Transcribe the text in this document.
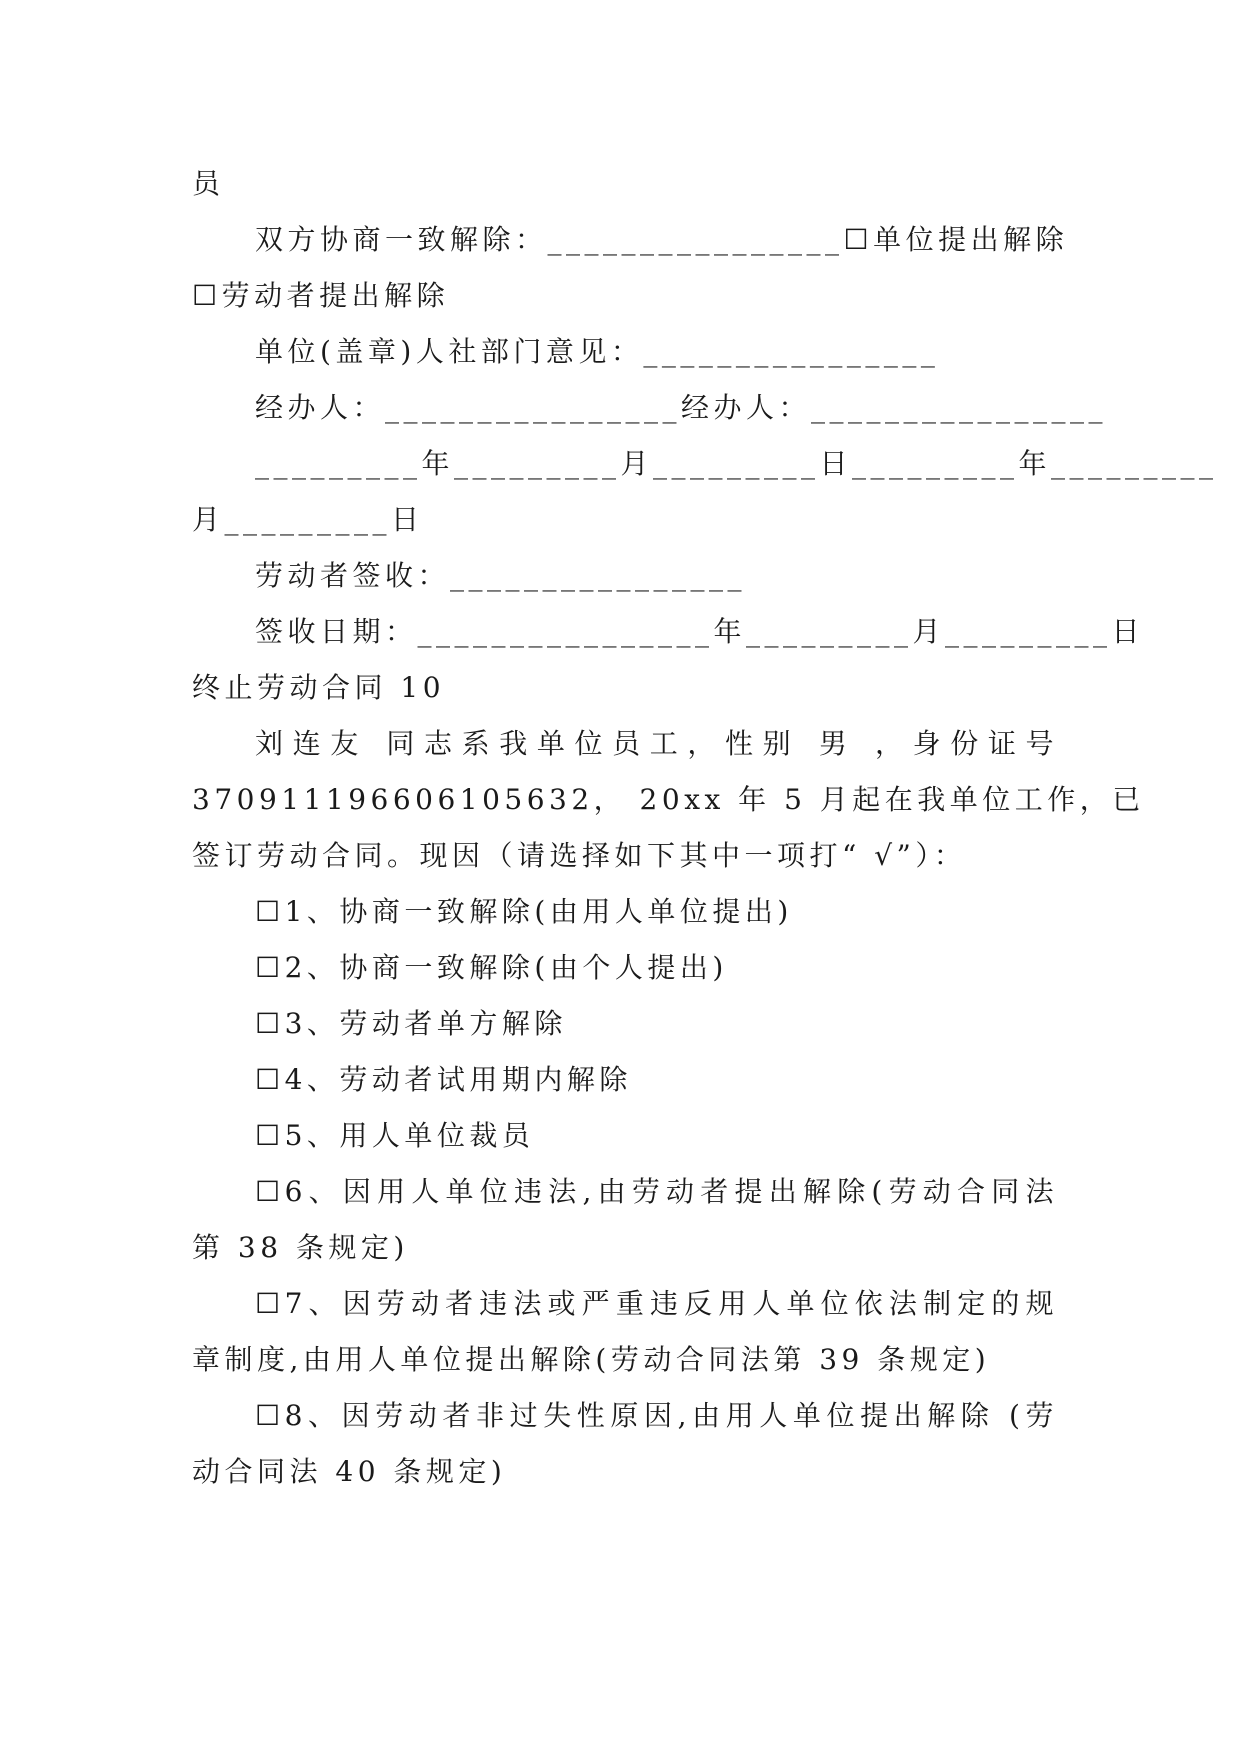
员
双方协商一致解除：________________☐单位提出解除
☐劳动者提出解除
单位(盖章)人社部门意见：________________
经办人：________________经办人：________________
_________年_________月_________日_________年_________
月_________日
劳动者签收：________________
签收日期：________________年_________月_________日
终止劳动合同 10
刘连友 同志系我单位员工，性别 男 ，身份证号
370911196606105632， 20xx 年 5 月起在我单位工作，已
签订劳动合同。现因（请选择如下其中一项打“ √”）：
☐1、协商一致解除(由用人单位提出)
☐2、协商一致解除(由个人提出)
☐3、劳动者单方解除
☐4、劳动者试用期内解除
☐5、用人单位裁员
☐6、因用人单位违法,由劳动者提出解除(劳动合同法
第 38 条规定)
☐7、因劳动者违法或严重违反用人单位依法制定的规
章制度,由用人单位提出解除(劳动合同法第 39 条规定)
☐8、因劳动者非过失性原因,由用人单位提出解除 (劳
动合同法 40 条规定)
